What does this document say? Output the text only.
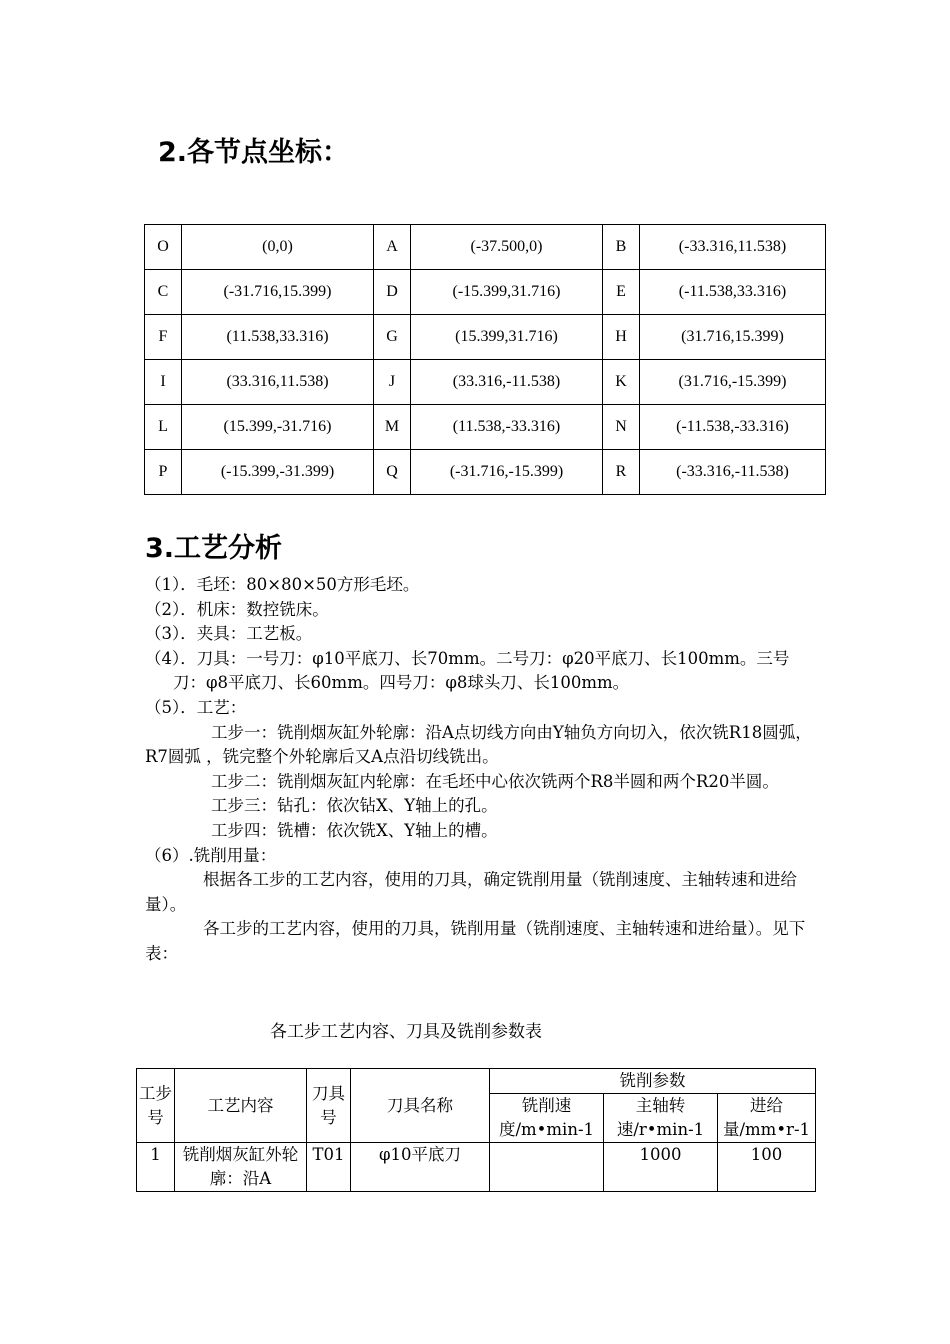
2.各节点坐标：
O	(0,0)	A	(-37.500,0)	B	(-33.316,11.538)
C	(-31.716,15.399)	D	(-15.399,31.716)	E	(-11.538,33.316)
F	(11.538,33.316)	G	(15.399,31.716)	H	(31.716,15.399)
I	(33.316,11.538)	J	(33.316,-11.538)	K	(31.716,-15.399)
L	(15.399,-31.716)	M	(11.538,-33.316)	N	(-11.538,-33.316)
P	(-15.399,-31.399)	Q	(-31.716,-15.399)	R	(-33.316,-11.538)
3.工艺分析

（1）．毛坯：80×80×50方形毛坯。

（2）．机床：数控铣床。

（3）．夹具：工艺板。

（4）．刀具：一号刀：φ10平底刀、长70mm。二号刀：φ20平底刀、长100mm。三号刀：φ8平底刀、长60mm。四号刀：φ8球头刀、长100mm。

（5）．工艺：

工步一：铣削烟灰缸外轮廓：沿A点切线方向由Y轴负方向切入，依次铣R18圆弧，R7圆弧 ，铣完整个外轮廓后又A点沿切线铣出。

工步二：铣削烟灰缸内轮廓：在毛坯中心依次铣两个R8半圆和两个R20半圆。

工步三：钻孔：依次钻X、Y轴上的孔。

工步四：铣槽：依次铣X、Y轴上的槽。

（6）.铣削用量：

根据各工步的工艺内容，使用的刀具，确定铣削用量（铣削速度、主轴转速和进给量）。

各工步的工艺内容，使用的刀具，铣削用量（铣削速度、主轴转速和进给量）。见下表：

各工步工艺内容、刀具及铣削参数表

工步号	工艺内容	刀具号	刀具名称	铣削参数		
				铣削速度/m•min-1	主轴转速/r•min-1	进给量/mm•r-1
1	铣削烟灰缸外轮廓：沿A	T01	φ10平底刀		1000	100
